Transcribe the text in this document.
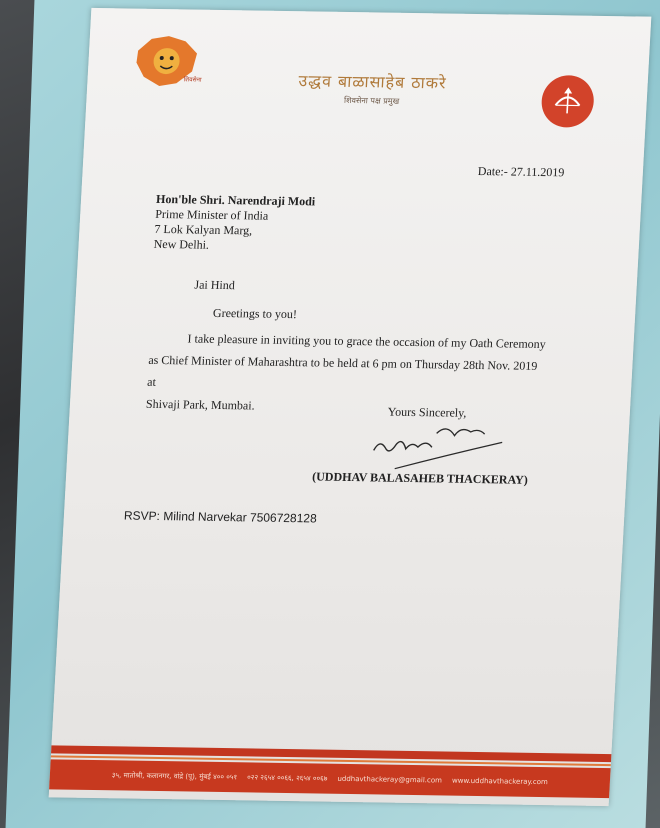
शिवसेना	उद्धव बाळासाहेब ठाकरे
शिवसेना पक्ष प्रमुख
Date:- 27.11.2019
Hon'ble Shri. Narendraji Modi
Prime Minister of India
7 Lok Kalyan Marg,
New Delhi.
Jai Hind
Greetings to you!
I take pleasure in inviting you to grace the occasion of my Oath Ceremony
as Chief Minister of Maharashtra to be held at 6 pm on Thursday 28th Nov. 2019 at
Shivaji Park, Mumbai.	Yours Sincerely,
(UDDHAV BALASAHEB THACKERAY)
RSVP: Milind Narvekar 7506728128
३५, मातोश्री, कलानगर, वांद्रे (पू), मुंबई ४०० ०५१ ०२२ २६५४ ००६६, २६५४ ००६७ uddhavthackeray@gmail.com www.uddhavthackeray.com
